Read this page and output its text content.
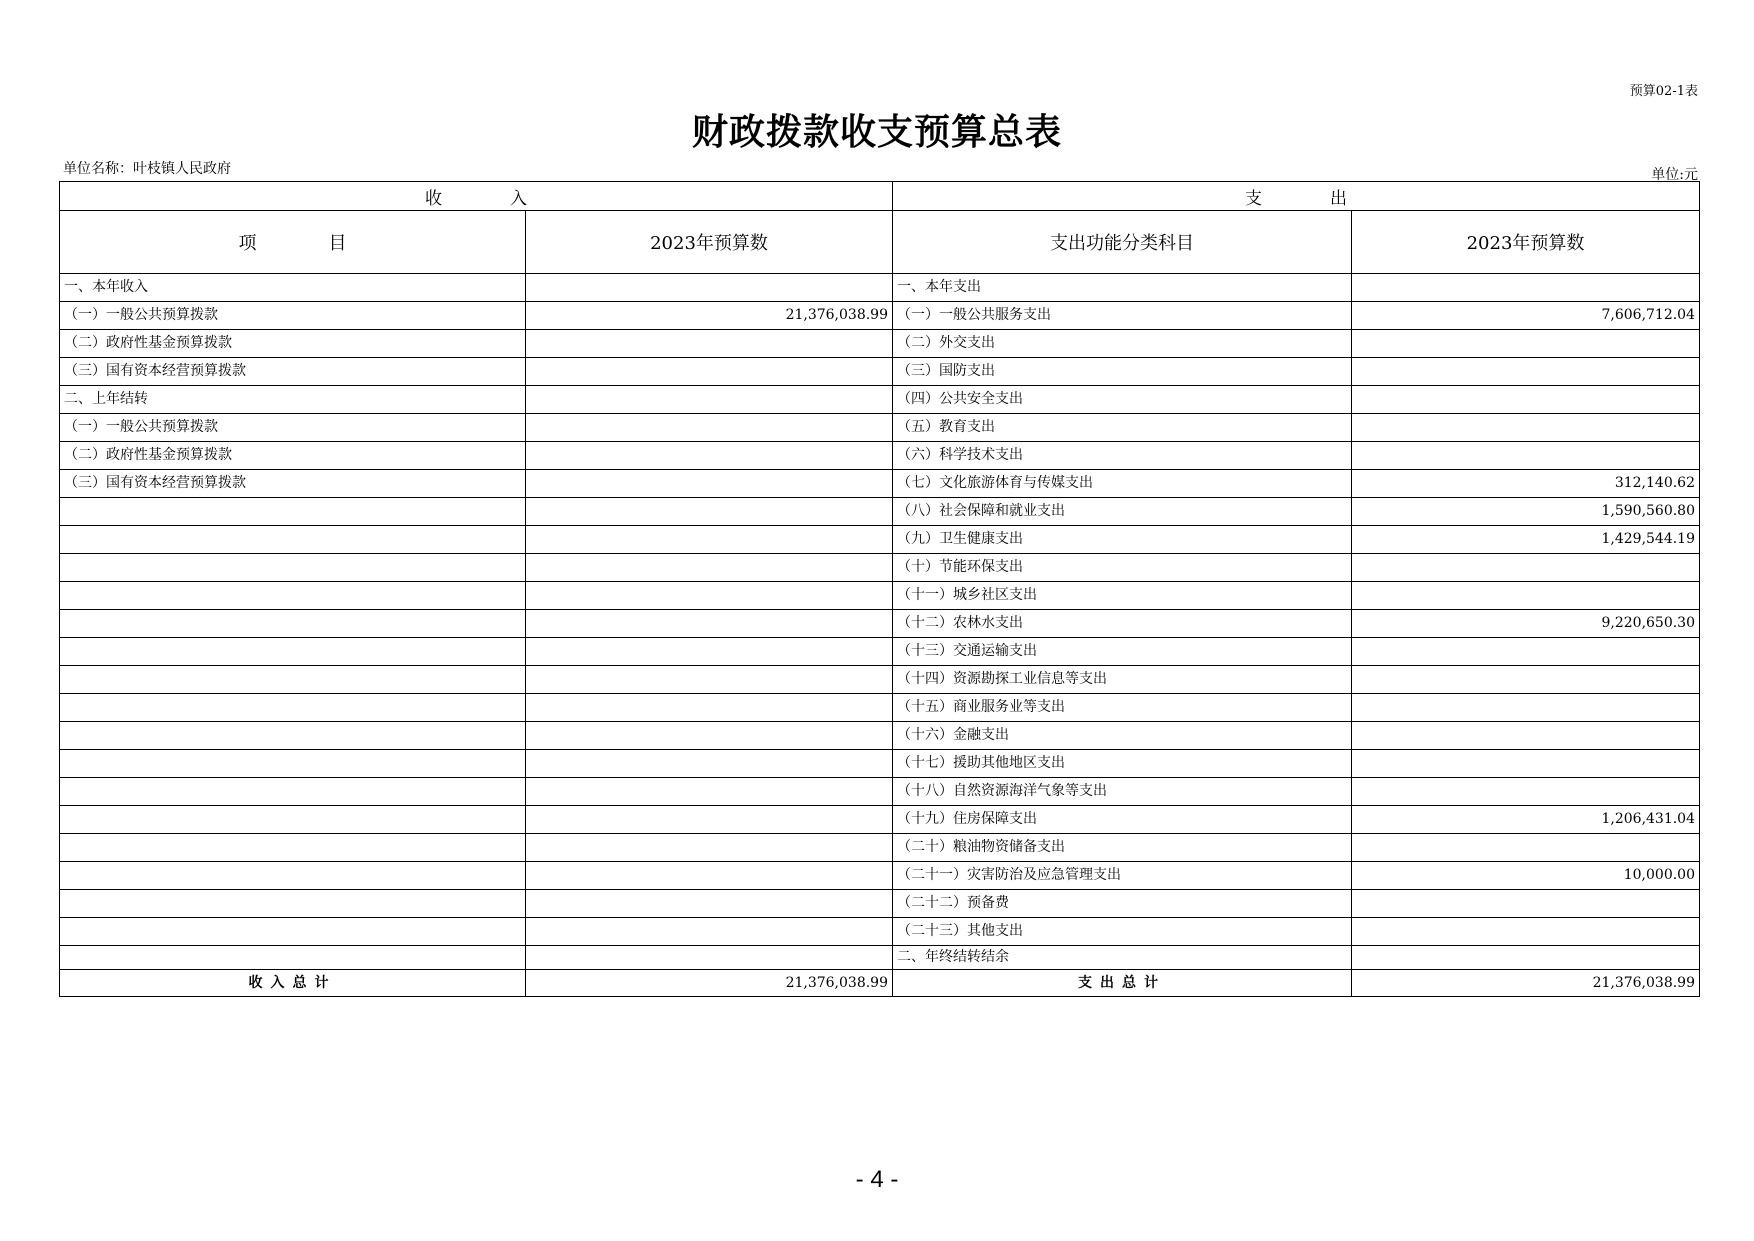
预算02-1表
财政拨款收支预算总表
单位名称：叶枝镇人民政府	单位:元
收　　　　入		支　　　　出	
项　　　　目	2023年预算数	支出功能分类科目	2023年预算数
一、本年收入		一、本年支出	
（一）一般公共预算拨款	21,376,038.99	（一）一般公共服务支出	7,606,712.04
（二）政府性基金预算拨款		（二）外交支出	
（三）国有资本经营预算拨款		（三）国防支出	
二、上年结转		（四）公共安全支出	
（一）一般公共预算拨款		（五）教育支出	
（二）政府性基金预算拨款		（六）科学技术支出	
（三）国有资本经营预算拨款		（七）文化旅游体育与传媒支出	312,140.62
		（八）社会保障和就业支出	1,590,560.80
		（九）卫生健康支出	1,429,544.19
		（十）节能环保支出	
		（十一）城乡社区支出	
		（十二）农林水支出	9,220,650.30
		（十三）交通运输支出	
		（十四）资源勘探工业信息等支出	
		（十五）商业服务业等支出	
		（十六）金融支出	
		（十七）援助其他地区支出	
		（十八）自然资源海洋气象等支出	
		（十九）住房保障支出	1,206,431.04
		（二十）粮油物资储备支出	
		（二十一）灾害防治及应急管理支出	10,000.00
		（二十二）预备费	
		（二十三）其他支出	
		二、年终结转结余	
收入总计	21,376,038.99	支出总计	21,376,038.99
- 4 -
